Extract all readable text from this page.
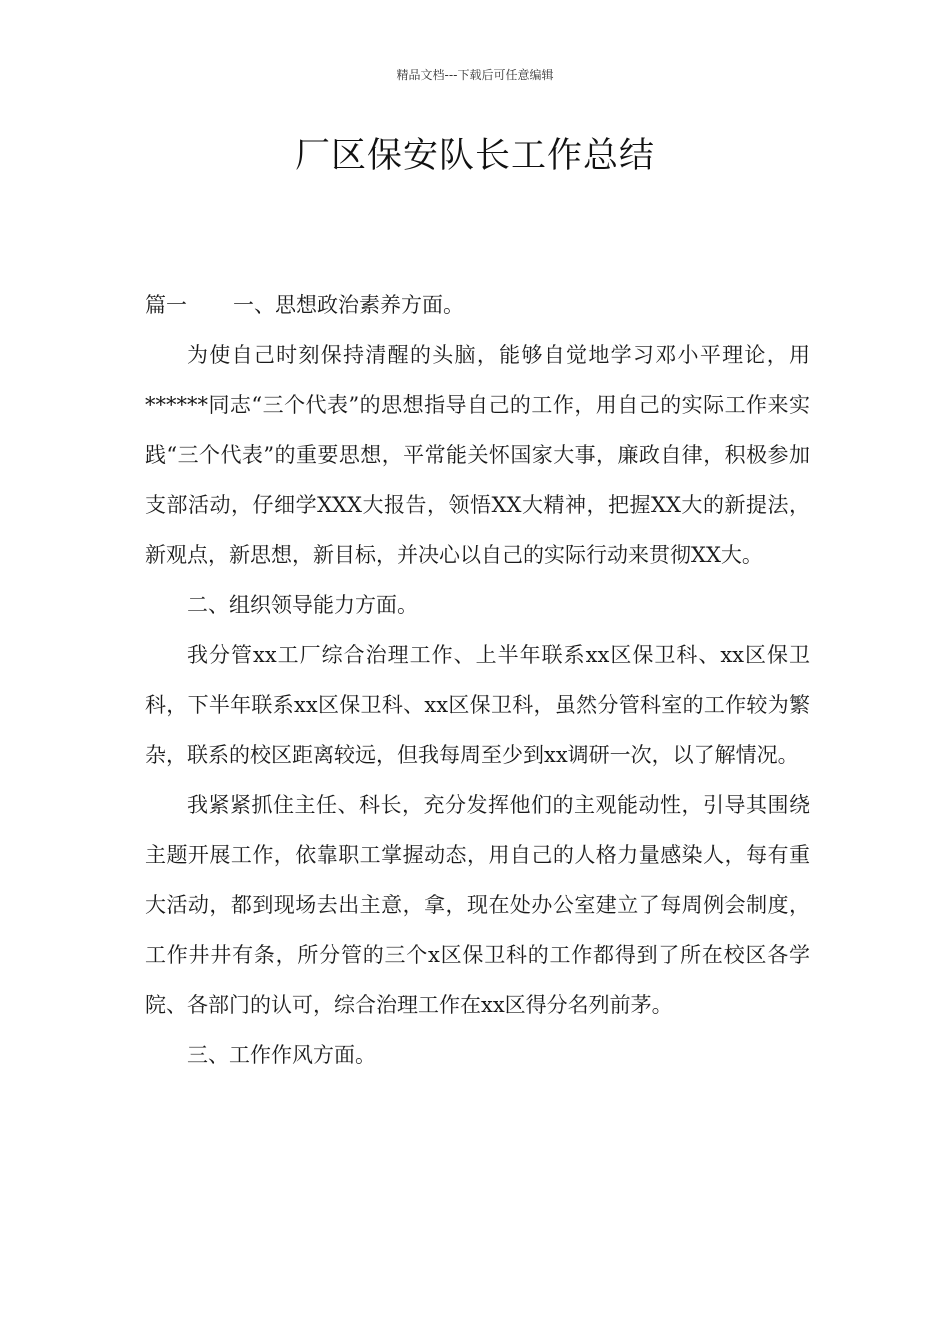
精品文档---下载后可任意编辑
厂区保安队长工作总结

篇一 一、思想政治素养方面。

为使自己时刻保持清醒的头脑，能够自觉地学习邓小平理论，用******同志“三个代表”的思想指导自己的工作，用自己的实际工作来实践“三个代表”的重要思想，平常能关怀国家大事，廉政自律，积极参加支部活动，仔细学XXX大报告，领悟XX大精神，把握XX大的新提法，新观点，新思想，新目标，并决心以自己的实际行动来贯彻XX大。

二、组织领导能力方面。

我分管xx工厂综合治理工作、上半年联系xx区保卫科、xx区保卫科，下半年联系xx区保卫科、xx区保卫科，虽然分管科室的工作较为繁杂，联系的校区距离较远，但我每周至少到xx调研一次，以了解情况。

我紧紧抓住主任、科长，充分发挥他们的主观能动性，引导其围绕主题开展工作，依靠职工掌握动态，用自己的人格力量感染人，每有重大活动，都到现场去出主意，拿，现在处办公室建立了每周例会制度，工作井井有条，所分管的三个x区保卫科的工作都得到了所在校区各学院、各部门的认可，综合治理工作在xx区得分名列前茅。

三、工作作风方面。
